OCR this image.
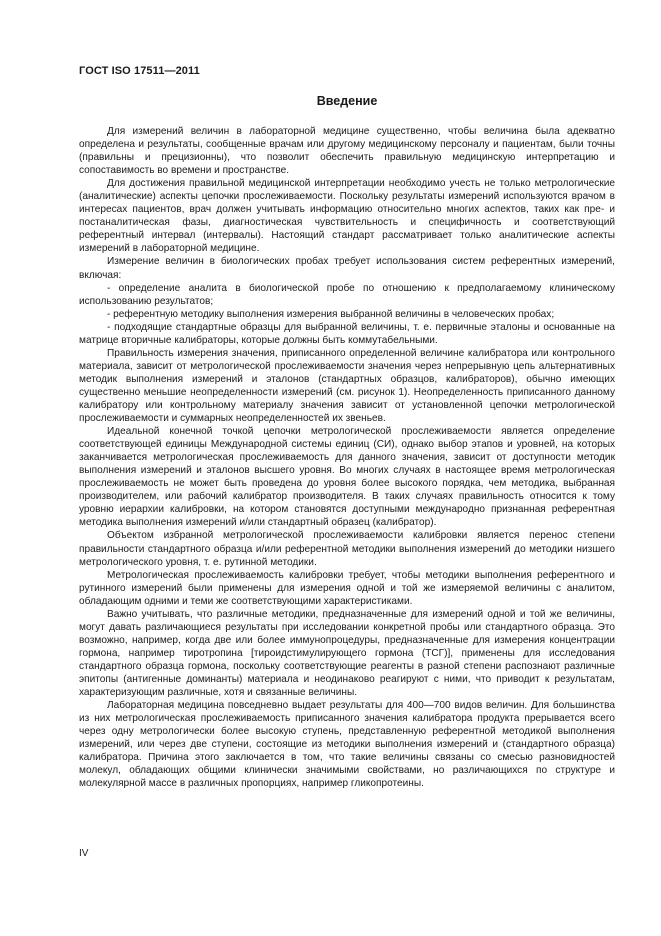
ГОСТ ISO 17511—2011
Введение

Для измерений величин в лабораторной медицине существенно, чтобы величина была адекватно определена и результаты, сообщенные врачам или другому медицинскому персоналу и пациентам, были точны (правильны и прецизионны), что позволит обеспечить правильную медицинскую интерпретацию и сопоставимость во времени и пространстве.

Для достижения правильной медицинской интерпретации необходимо учесть не только метрологические (аналитические) аспекты цепочки прослеживаемости. Поскольку результаты измерений используются врачом в интересах пациентов, врач должен учитывать информацию относительно многих аспектов, таких как пре- и постаналитическая фазы, диагностическая чувствительность и специфичность и соответствующий референтный интервал (интервалы). Настоящий стандарт рассматривает только аналитические аспекты измерений в лабораторной медицине.

Измерение величин в биологических пробах требует использования систем референтных измерений, включая:

- определение аналита в биологической пробе по отношению к предполагаемому клиническому использованию результатов;

- референтную методику выполнения измерения выбранной величины в человеческих пробах;

- подходящие стандартные образцы для выбранной величины, т. е. первичные эталоны и основанные на матрице вторичные калибраторы, которые должны быть коммутабельными.

Правильность измерения значения, приписанного определенной величине калибратора или контрольного материала, зависит от метрологической прослеживаемости значения через непрерывную цепь альтернативных методик выполнения измерений и эталонов (стандартных образцов, калибраторов), обычно имеющих существенно меньшие неопределенности измерений (см. рисунок 1). Неопределенность приписанного данному калибратору или контрольному материалу значения зависит от установленной цепочки метрологической прослеживаемости и суммарных неопределенностей их звеньев.

Идеальной конечной точкой цепочки метрологической прослеживаемости является определение соответствующей единицы Международной системы единиц (СИ), однако выбор этапов и уровней, на которых заканчивается метрологическая прослеживаемость для данного значения, зависит от доступности методик выполнения измерений и эталонов высшего уровня. Во многих случаях в настоящее время метрологическая прослеживаемость не может быть проведена до уровня более высокого порядка, чем методика, выбранная производителем, или рабочий калибратор производителя. В таких случаях правильность относится к тому уровню иерархии калибровки, на котором становятся доступными международно признанная референтная методика выполнения измерений и/или стандартный образец (калибратор).

Объектом избранной метрологической прослеживаемости калибровки является перенос степени правильности стандартного образца и/или референтной методики выполнения измерений до методики низшего метрологического уровня, т. е. рутинной методики.

Метрологическая прослеживаемость калибровки требует, чтобы методики выполнения референтного и рутинного измерений были применены для измерения одной и той же измеряемой величины с аналитом, обладающим одними и теми же соответствующими характеристиками.

Важно учитывать, что различные методики, предназначенные для измерений одной и той же величины, могут давать различающиеся результаты при исследовании конкретной пробы или стандартного образца. Это возможно, например, когда две или более иммунопроцедуры, предназначенные для измерения концентрации гормона, например тиротропина [тироидстимулирующего гормона (ТСГ)], применены для исследования стандартного образца гормона, поскольку соответствующие реагенты в разной степени распознают различные эпитопы (антигенные доминанты) материала и неодинаково реагируют с ними, что приводит к результатам, характеризующим различные, хотя и связанные величины.

Лабораторная медицина повседневно выдает результаты для 400—700 видов величин. Для большинства из них метрологическая прослеживаемость приписанного значения калибратора продукта прерывается всего через одну метрологически более высокую ступень, представленную референтной методикой выполнения измерений, или через две ступени, состоящие из методики выполнения измерений и (стандартного образца) калибратора. Причина этого заключается в том, что такие величины связаны со смесью разновидностей молекул, обладающих общими клинически значимыми свойствами, но различающихся по структуре и молекулярной массе в различных пропорциях, например гликопротеины.

IV
